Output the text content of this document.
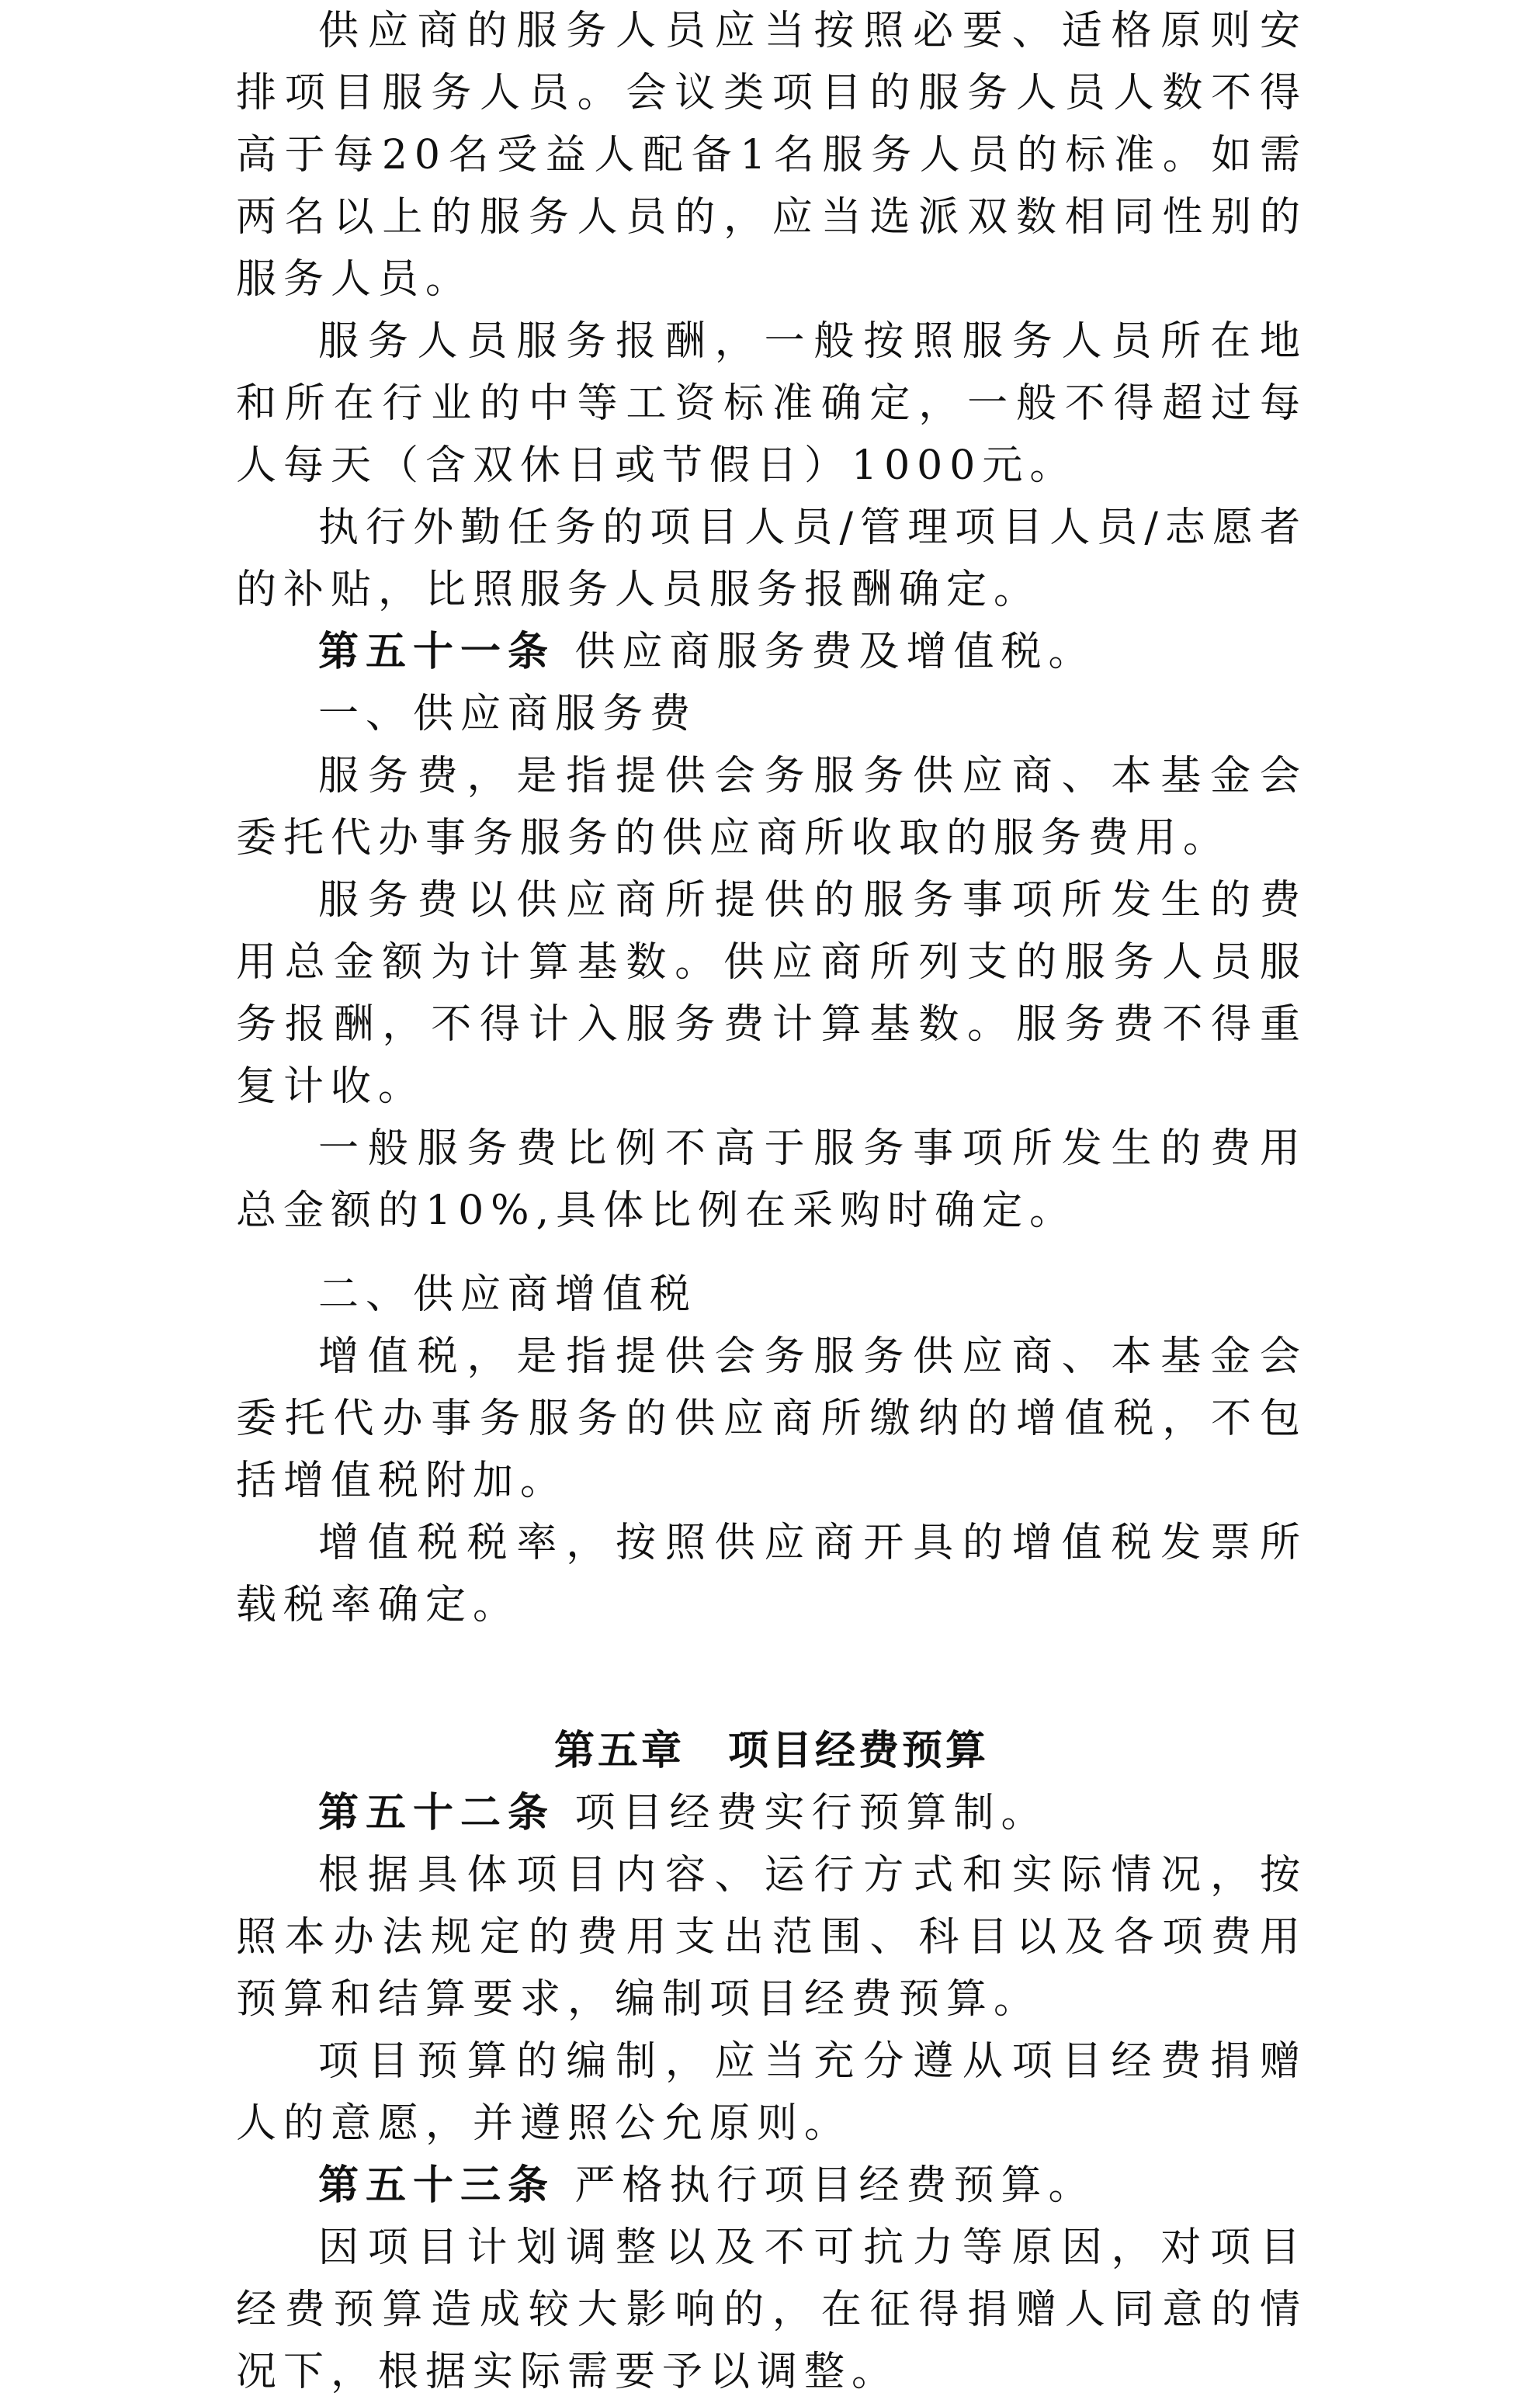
供应商的服务人员应当按照必要、适格原则安排项目服务人员。会议类项目的服务人员人数不得高于每20名受益人配备1名服务人员的标准。如需两名以上的服务人员的，应当选派双数相同性别的服务人员。

服务人员服务报酬，一般按照服务人员所在地和所在行业的中等工资标准确定，一般不得超过每人每天（含双休日或节假日）1000元。

执行外勤任务的项目人员/管理项目人员/志愿者的补贴，比照服务人员服务报酬确定。

第五十一条 供应商服务费及增值税。

一、供应商服务费

服务费，是指提供会务服务供应商、本基金会委托代办事务服务的供应商所收取的服务费用。

服务费以供应商所提供的服务事项所发生的费用总金额为计算基数。供应商所列支的服务人员服务报酬，不得计入服务费计算基数。服务费不得重复计收。

一般服务费比例不高于服务事项所发生的费用总金额的10%,具体比例在采购时确定。

二、供应商增值税

增值税，是指提供会务服务供应商、本基金会委托代办事务服务的供应商所缴纳的增值税，不包括增值税附加。

增值税税率，按照供应商开具的增值税发票所载税率确定。

第五章　项目经费预算

第五十二条 项目经费实行预算制。

根据具体项目内容、运行方式和实际情况，按照本办法规定的费用支出范围、科目以及各项费用预算和结算要求，编制项目经费预算。

项目预算的编制，应当充分遵从项目经费捐赠人的意愿，并遵照公允原则。

第五十三条 严格执行项目经费预算。

因项目计划调整以及不可抗力等原因，对项目经费预算造成较大影响的，在征得捐赠人同意的情况下，根据实际需要予以调整。
